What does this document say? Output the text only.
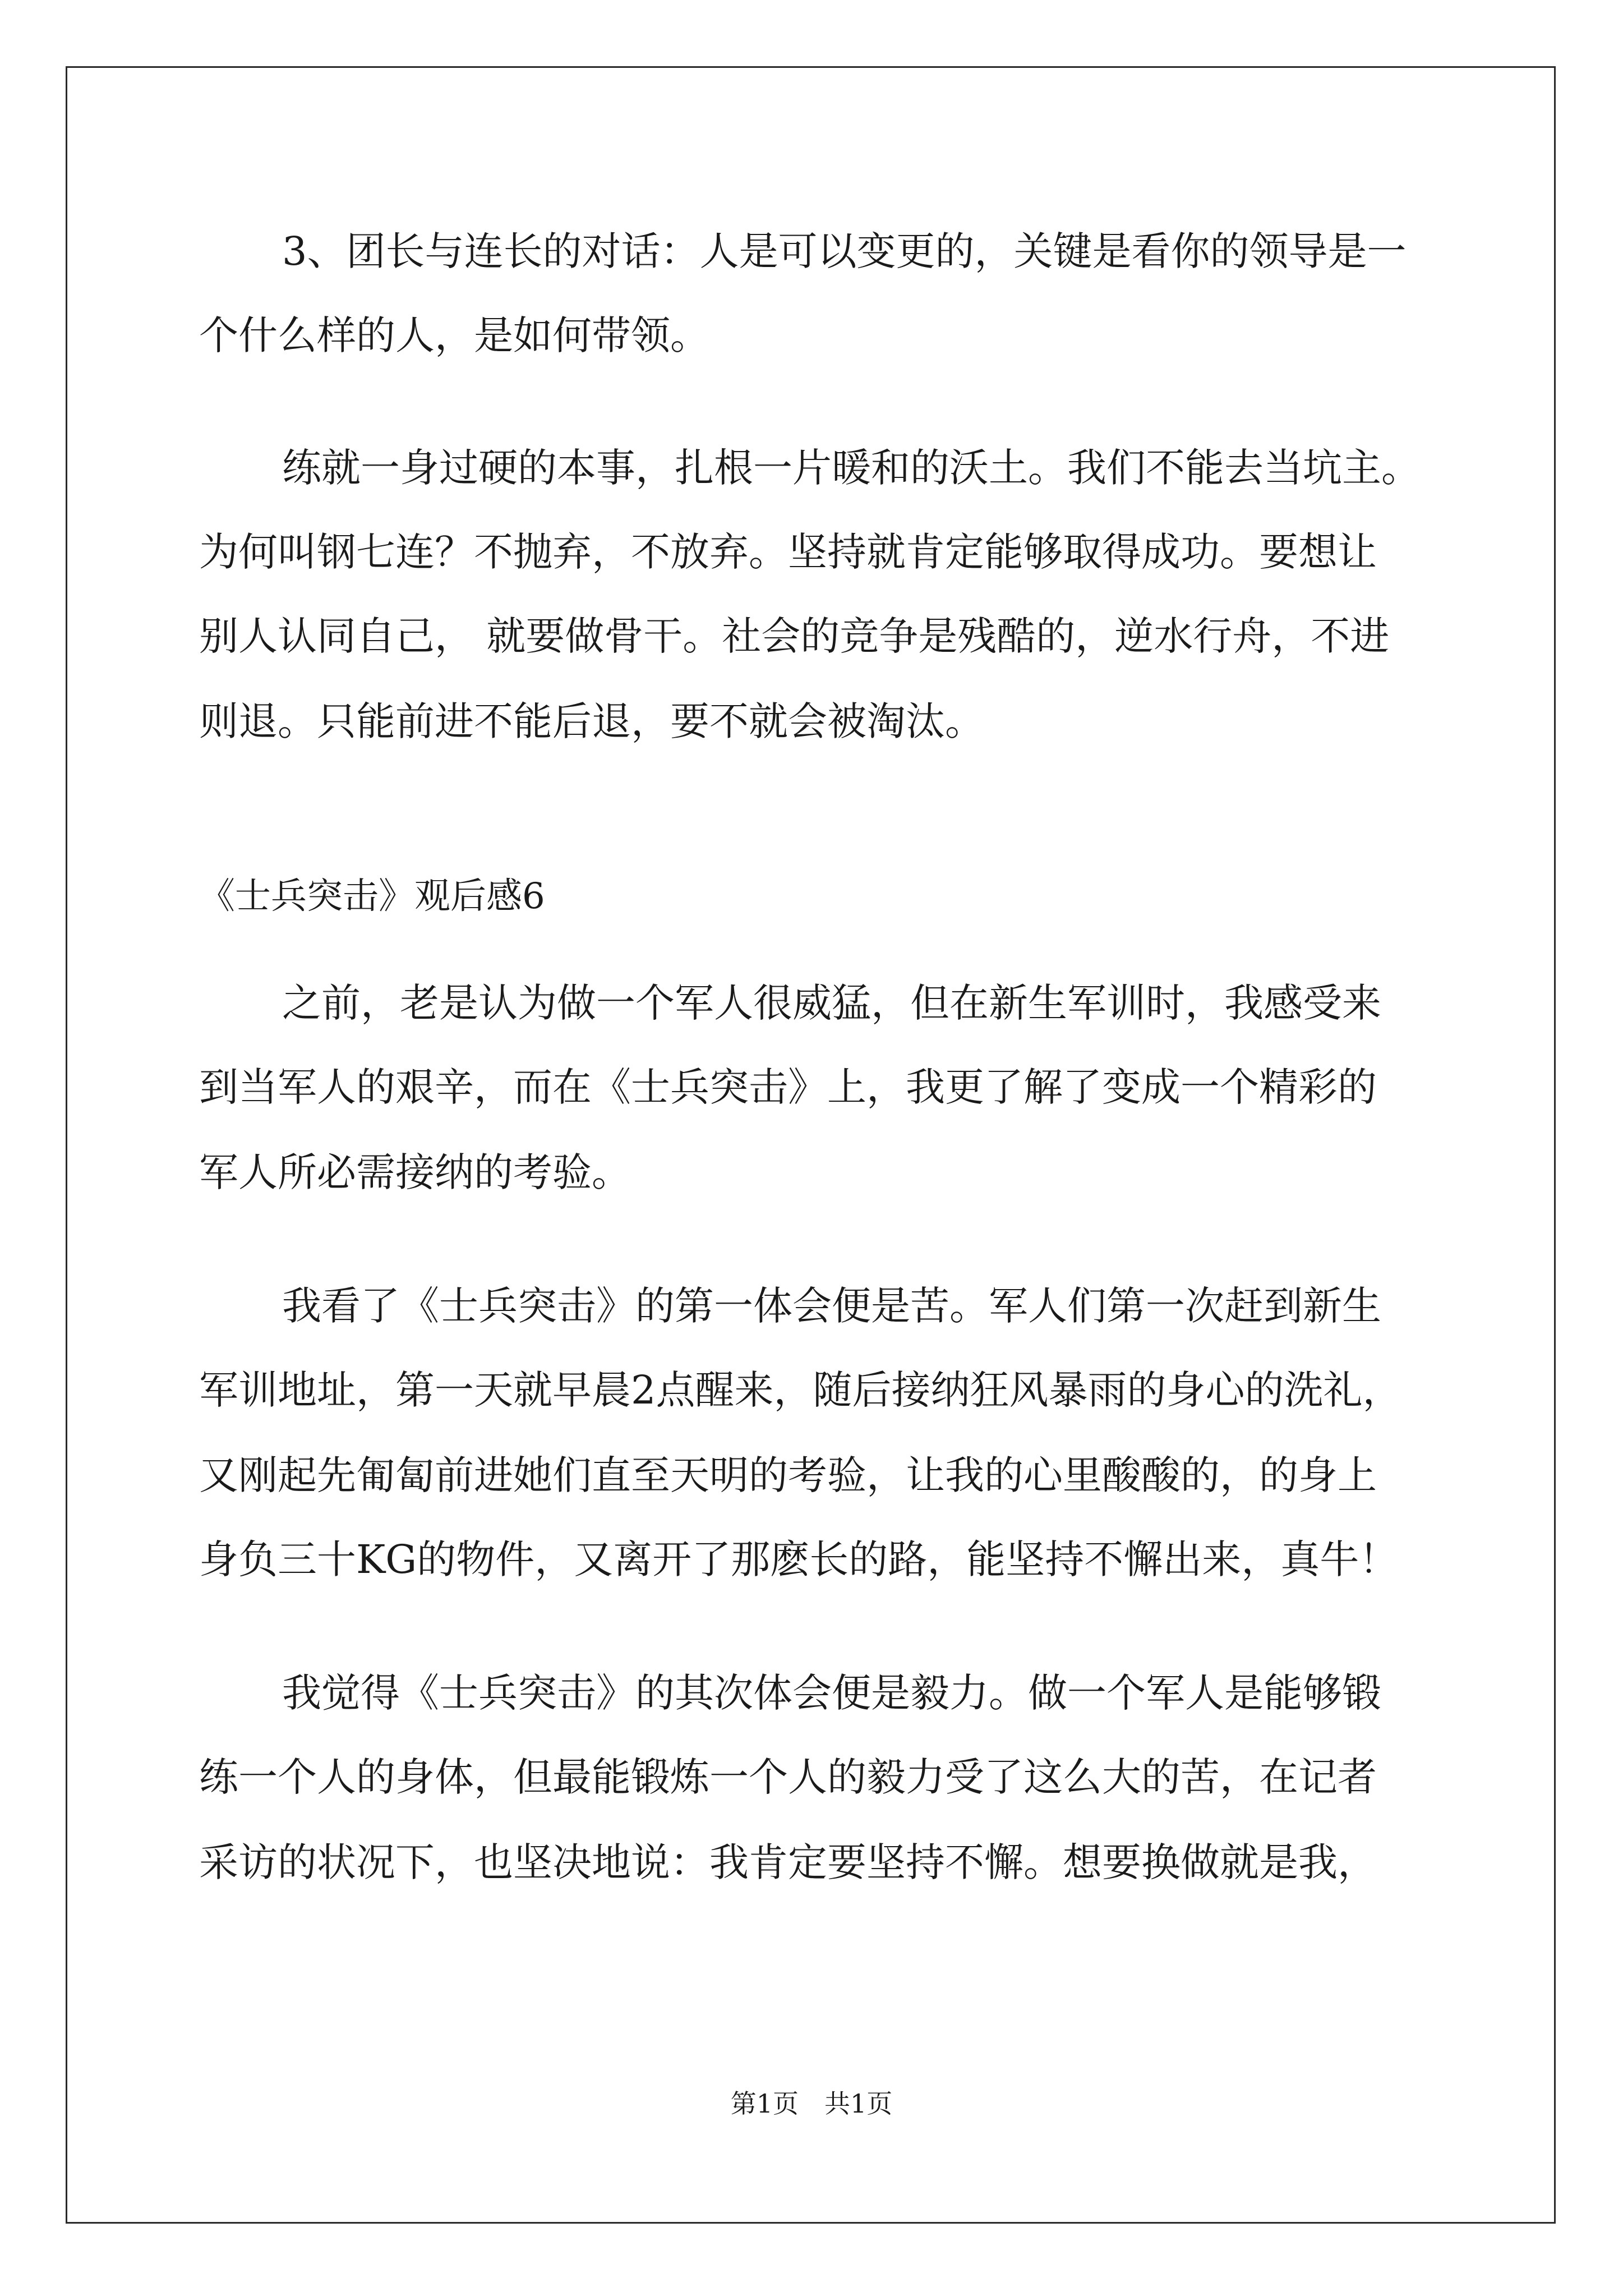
3、团长与连长的对话：人是可以变更的，关键是看你的领导是一
个什么样的人，是如何带领。
练就一身过硬的本事，扎根一片暖和的沃土。我们不能去当坑主。
为何叫钢七连？不抛弃，不放弃。坚持就肯定能够取得成功。要想让
别人认同自己， 就要做骨干。社会的竞争是残酷的，逆水行舟，不进
则退。只能前进不能后退，要不就会被淘汰。
《士兵突击》观后感6
之前，老是认为做一个军人很威猛，但在新生军训时，我感受来
到当军人的艰辛，而在《士兵突击》上，我更了解了变成一个精彩的
军人所必需接纳的考验。
我看了《士兵突击》的第一体会便是苦。军人们第一次赶到新生
军训地址，第一天就早晨2点醒来，随后接纳狂风暴雨的身心的洗礼，
又刚起先匍匐前进她们直至天明的考验，让我的心里酸酸的，的身上
身负三十KG的物件，又离开了那麽长的路，能坚持不懈出来，真牛！
我觉得《士兵突击》的其次体会便是毅力。做一个军人是能够锻
练一个人的身体，但最能锻炼一个人的毅力受了这么大的苦，在记者
采访的状况下，也坚决地说：我肯定要坚持不懈。想要换做就是我，
第1页　共1页
